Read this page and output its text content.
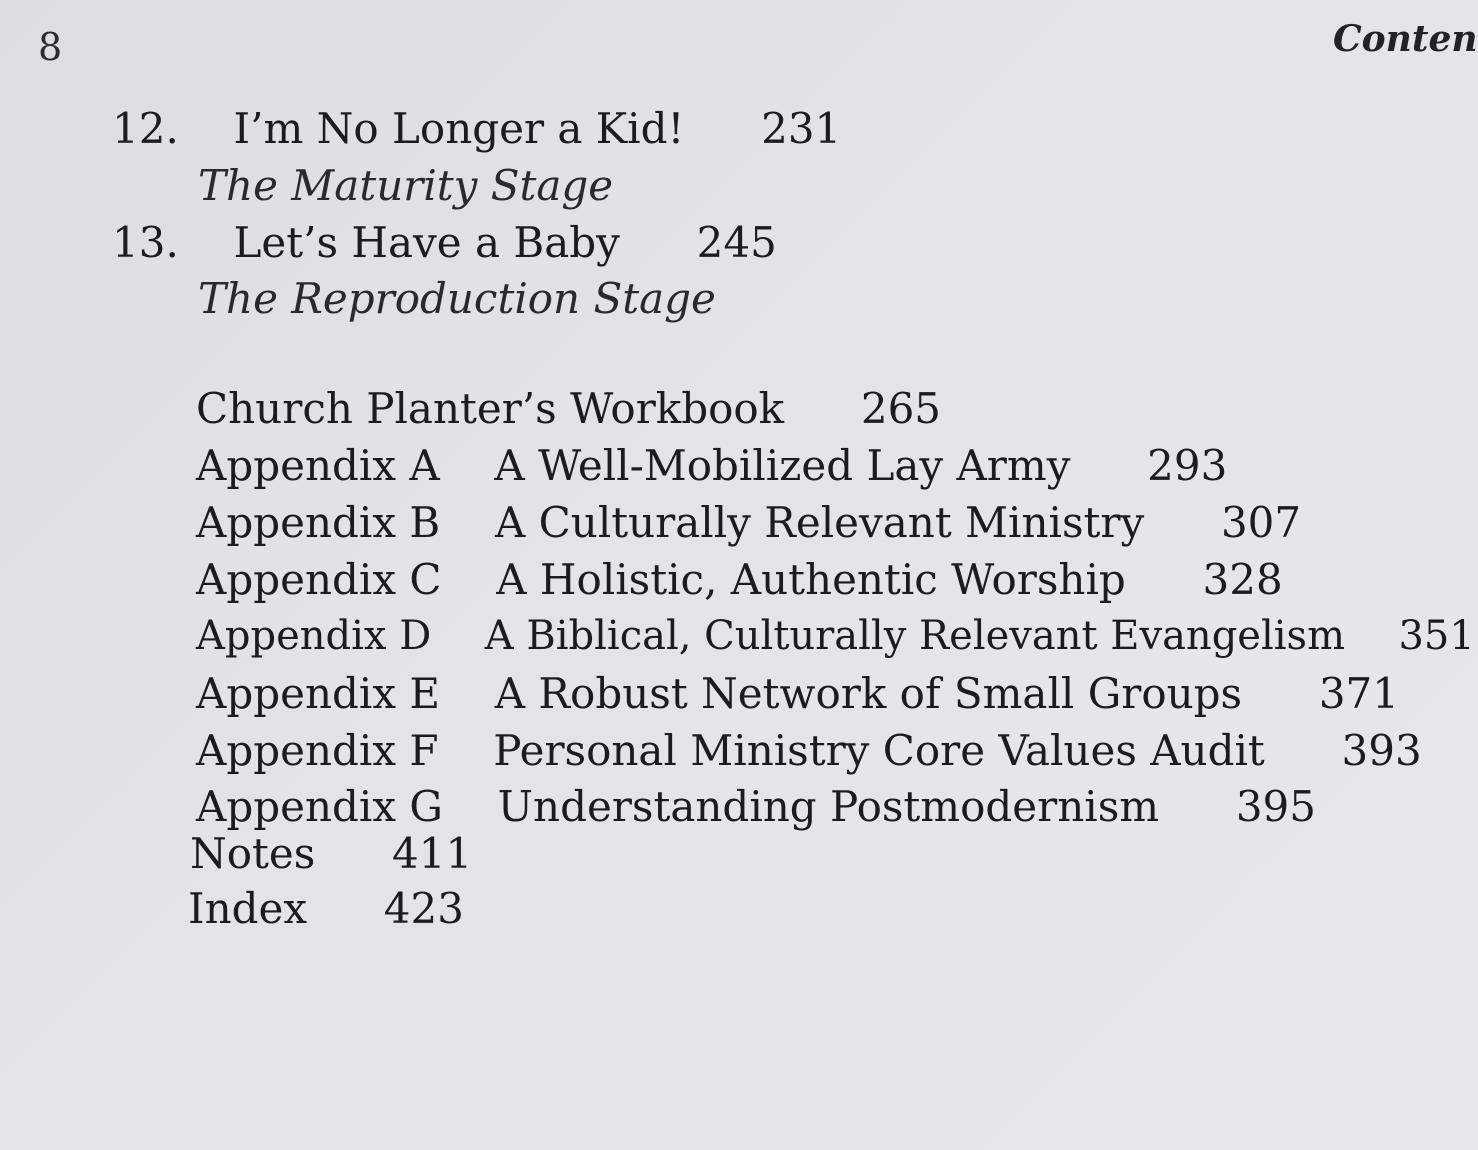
8	Conten
12. I’m No Longer a Kid! 231
The Maturity Stage
13. Let’s Have a Baby 245
The Reproduction Stage
Church Planter’s Workbook 265
Appendix A A Well-Mobilized Lay Army 293
Appendix B A Culturally Relevant Ministry 307
Appendix C A Holistic, Authentic Worship 328
Appendix D A Biblical, Culturally Relevant Evangelism 351
Appendix E A Robust Network of Small Groups 371
Appendix F Personal Ministry Core Values Audit 393
Appendix G Understanding Postmodernism 395
Notes 411
Index 423
